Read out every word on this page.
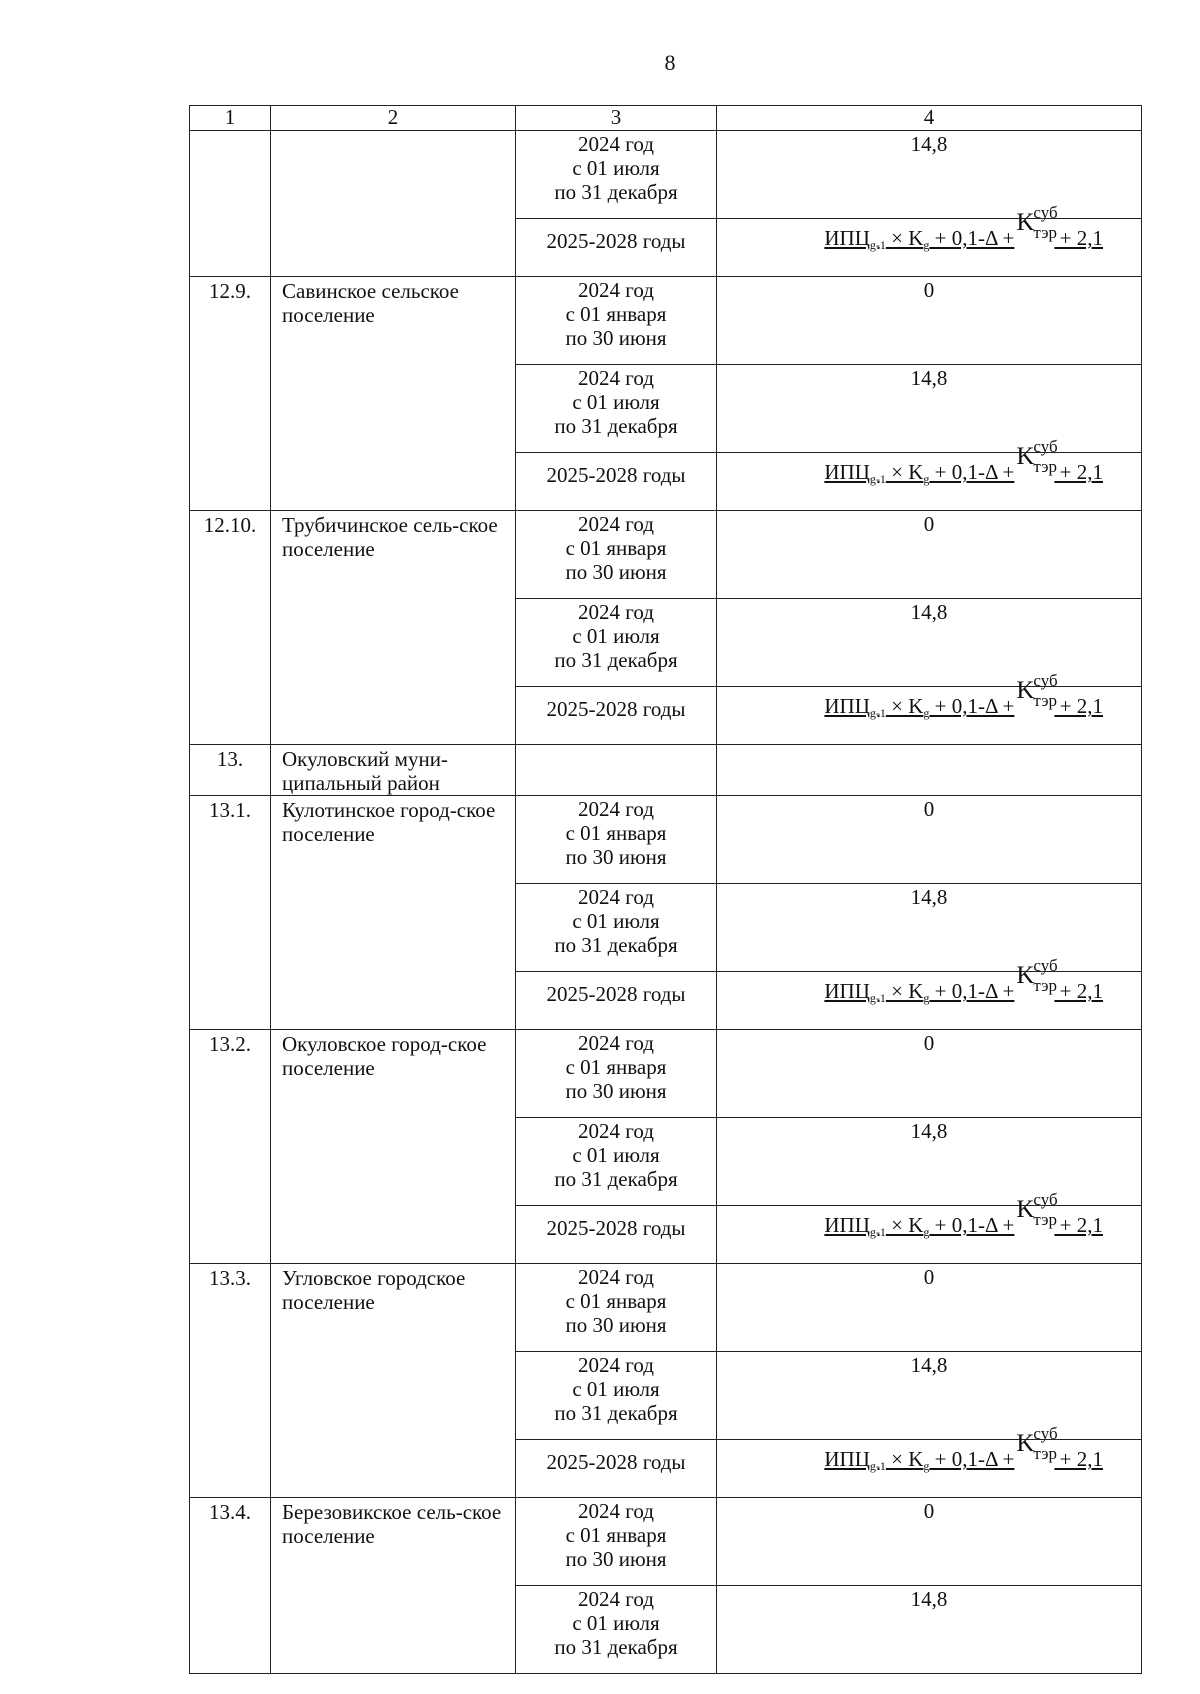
8
1	2	3	4

		2024 год
с 01 июля
по 31 декабря	14,8
		2025-2028 годы	$ИПЦ_{g-1} \times K_g + 0,1-\Delta$ +
K
суб
тэр
+ 2,1
12.9.	Савинское сельское поселение	2024 год
с 01 января
по 30 июня	0

		2024 год
с 01 июля
по 31 декабря	14,8
		2025-2028 годы	$ИПЦ_{g-1} \times K_g + 0,1-\Delta$ +
K
суб
тэр
+ 2,1
12.10.	Трубичинское сель-ское поселение	2024 год
с 01 января
по 30 июня	0

		2024 год
с 01 июля
по 31 декабря	14,8
		2025-2028 годы	$ИПЦ_{g-1} \times K_g + 0,1-\Delta$ +
K
суб
тэр
+ 2,1
13.	Окуловский муни-ципальный район		
13.1.	Кулотинское город-ское поселение	2024 год
с 01 января
по 30 июня	0

		2024 год
с 01 июля
по 31 декабря	14,8
		2025-2028 годы	$ИПЦ_{g-1} \times K_g + 0,1-\Delta$ +
K
суб
тэр
+ 2,1
13.2.	Окуловское город-ское поселение	2024 год
с 01 января
по 30 июня	0

		2024 год
с 01 июля
по 31 декабря	14,8
		2025-2028 годы	$ИПЦ_{g-1} \times K_g + 0,1-\Delta$ +
K
суб
тэр
+ 2,1
13.3.	Угловское городское поселение	2024 год
с 01 января
по 30 июня	0

		2024 год
с 01 июля
по 31 декабря	14,8
		2025-2028 годы	$ИПЦ_{g-1} \times K_g + 0,1-\Delta$ +
K
суб
тэр
+ 2,1
13.4.	Березовикское сель-ское поселение	2024 год
с 01 января
по 30 июня	0

		2024 год
с 01 июля
по 31 декабря	14,8
